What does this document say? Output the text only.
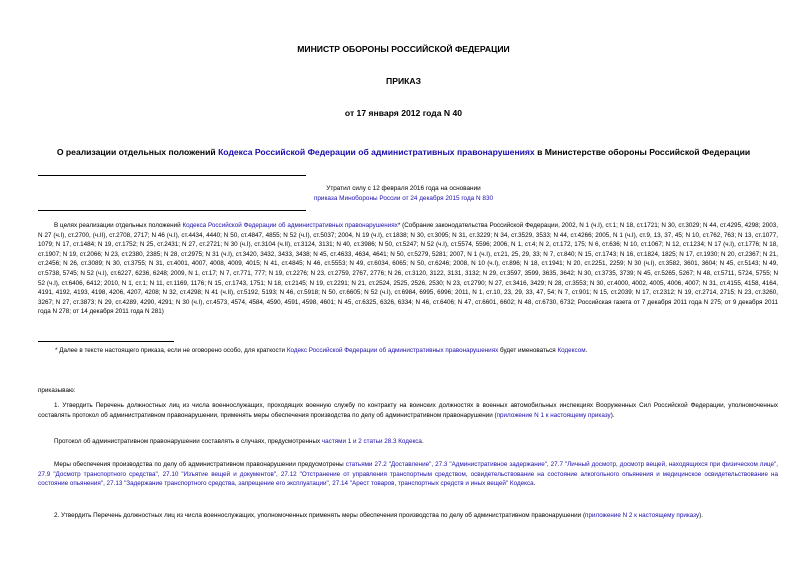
МИНИСТР ОБОРОНЫ РОССИЙСКОЙ ФЕДЕРАЦИИ
ПРИКАЗ
от 17 января 2012 года N 40
О реализации отдельных положений Кодекса Российской Федерации об административных правонарушениях в Министерстве обороны Российской Федерации
Утратил силу с 12 февраля 2016 года на основании
приказа Минобороны России от 24 декабря 2015 года N 830
В целях реализации отдельных положений Кодекса Российской Федерации об административных правонарушениях* (Собрание законодательства Российской Федерации, 2002, N 1 (ч.I), ст.1; N 18, ст.1721; N 30, ст.3029; N 44, ст.4295, 4298; 2003, N 27 (ч.I), ст.2700, (ч.II), ст.2708, 2717; N 46 (ч.I), ст.4434, 4440; N 50, ст.4847, 4855; N 52 (ч.I), ст.5037; 2004, N 19 (ч.I), ст.1838; N 30, ст.3095; N 31, ст.3229; N 34, ст.3529, 3533; N 44, ст.4266; 2005, N 1 (ч.I), ст.9, 13, 37, 45; N 10, ст.762, 763; N 13, ст.1077, 1079; N 17, ст.1484; N 19, ст.1752; N 25, ст.2431; N 27, ст.2721; N 30 (ч.I), ст.3104 (ч.II), ст.3124, 3131; N 40, ст.3986; N 50, ст.5247; N 52 (ч.I), ст.5574, 5596; 2006, N 1, ст.4; N 2, ст.172, 175; N 6, ст.636; N 10, ст.1067; N 12, ст.1234; N 17 (ч.I), ст.1776; N 18, ст.1907; N 19, ст.2066; N 23, ст.2380, 2385; N 28, ст.2975; N 31 (ч.I), ст.3420, 3432, 3433, 3438; N 45, ст.4633, 4634, 4641; N 50, ст.5279, 5281; 2007, N 1 (ч.I), ст.21, 25, 29, 33; N 7, ст.840; N 15, ст.1743; N 16, ст.1824, 1825; N 17, ст.1930; N 20, ст.2367; N 21, ст.2456; N 26, ст.3089; N 30, ст.3755; N 31, ст.4001, 4007, 4008, 4009, 4015; N 41, ст.4845; N 46, ст.5553; N 49, ст.6034, 6065; N 50, ст.6246; 2008, N 10 (ч.I), ст.896; N 18, ст.1941; N 20, ст.2251, 2259; N 30 (ч.I), ст.3582, 3601, 3604; N 45, ст.5143; N 49, ст.5738, 5745; N 52 (ч.I), ст.6227, 6236, 6248; 2009, N 1, ст.17; N 7, ст.771, 777; N 19, ст.2276; N 23, ст.2759, 2767, 2776; N 26, ст.3120, 3122, 3131, 3132; N 29, ст.3597, 3599, 3635, 3642; N 30, ст.3735, 3739; N 45, ст.5265, 5267; N 48, ст.5711, 5724, 5755; N 52 (ч.I), ст.6406, 6412; 2010, N 1, ст.1; N 11, ст.1169, 1176; N 15, ст.1743, 1751; N 18, ст.2145; N 19, ст.2291; N 21, ст.2524, 2525, 2526, 2530; N 23, ст.2790; N 27, ст.3416, 3429; N 28, ст.3553; N 30, ст.4000, 4002, 4005, 4006, 4007; N 31, ст.4155, 4158, 4164, 4191, 4192, 4193, 4198, 4206, 4207, 4208; N 32, ст.4298; N 41 (ч.II), ст.5192, 5193; N 46, ст.5918; N 50, ст.6605; N 52 (ч.I), ст.6984, 6995, 6996; 2011, N 1, ст.10, 23, 29, 33, 47, 54; N 7, ст.901; N 15, ст.2039; N 17, ст.2312; N 19, ст.2714, 2715; N 23, ст.3260, 3267; N 27, ст.3873; N 29, ст.4289, 4290, 4291; N 30 (ч.I), ст.4573, 4574, 4584, 4590, 4591, 4598, 4601; N 45, ст.6325, 6326, 6334; N 46, ст.6406; N 47, ст.6601, 6602; N 48, ст.6730, 6732; Российская газета от 7 декабря 2011 года N 275; от 9 декабря 2011 года N 278; от 14 декабря 2011 года N 281)
* Далее в тексте настоящего приказа, если не оговорено особо, для краткости Кодекс Российской Федерации об административных правонарушениях будет именоваться Кодексом.
приказываю:
1. Утвердить Перечень должностных лиц из числа военнослужащих, проходящих военную службу по контракту на воинских должностях в военных автомобильных инспекциях Вооруженных Сил Российской Федерации, уполномоченных составлять протокол об административном правонарушении, применять меры обеспечения производства по делу об административном правонарушении (приложение N 1 к настоящему приказу).
Протокол об административном правонарушении составлять в случаях, предусмотренных частями 1 и 2 статьи 28.3 Кодекса.
Меры обеспечения производства по делу об административном правонарушении предусмотрены статьями 27.2 "Доставление", 27.3 "Административное задержание", 27.7 "Личный досмотр, досмотр вещей, находящихся при физическом лице", 27.9 "Досмотр транспортного средства", 27.10 "Изъятие вещей и документов", 27.12 "Отстранение от управления транспортным средством, освидетельствование на состояние алкогольного опьянения и медицинское освидетельствование на состояние опьянения", 27.13 "Задержание транспортного средства, запрещение его эксплуатации", 27.14 "Арест товаров, транспортных средств и иных вещей" Кодекса.
2. Утвердить Перечень должностных лиц из числа военнослужащих, уполномоченных применять меры обеспечения производства по делу об административном правонарушении (приложение N 2 к настоящему приказу).
